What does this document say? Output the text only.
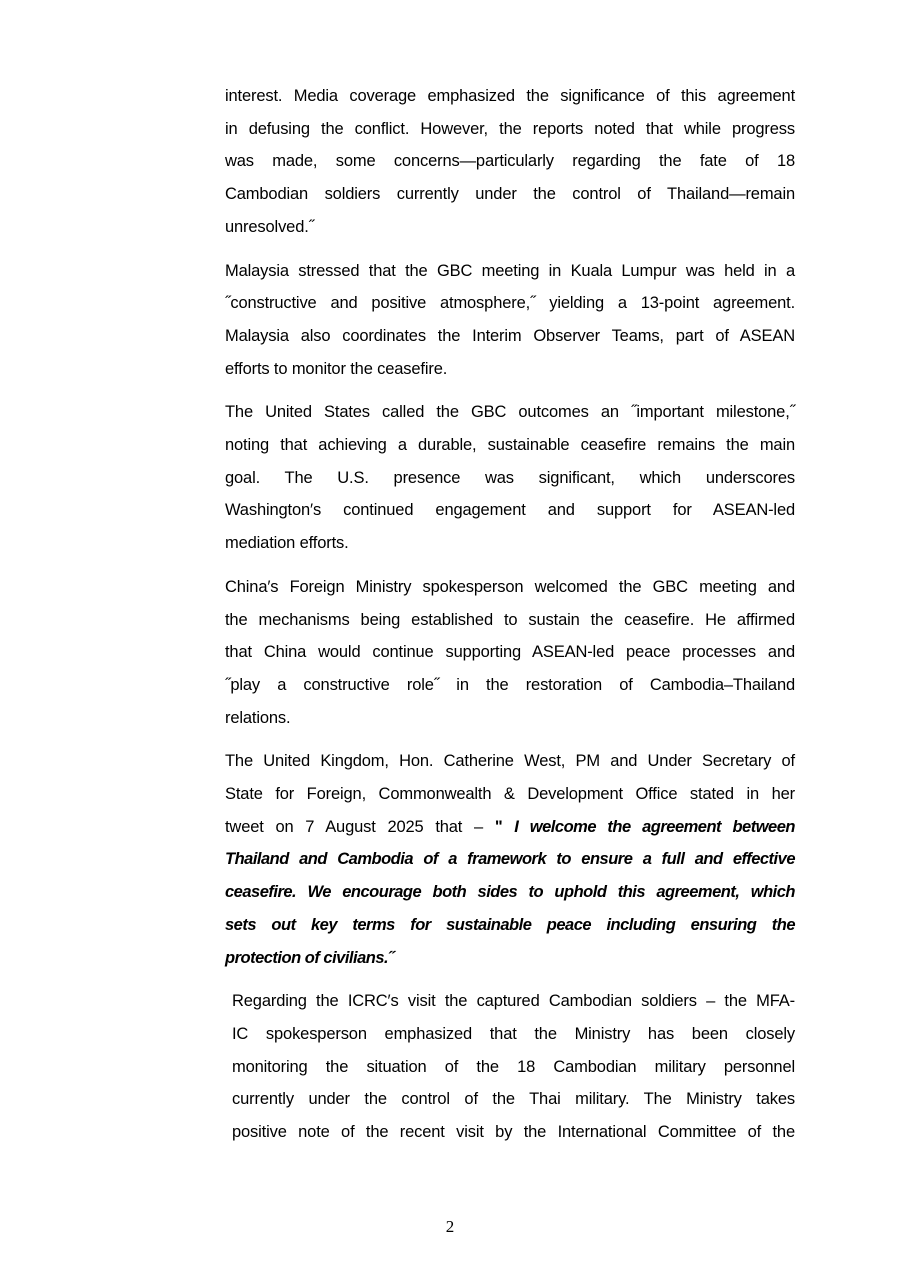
interest. Media coverage emphasized the significance of this agreement
in defusing the conflict. However, the reports noted that while progress
was made, some concerns—particularly regarding the fate of 18
Cambodian soldiers currently under the control of Thailand—remain
unresolved.˝
Malaysia stressed that the GBC meeting in Kuala Lumpur was held in a
˝constructive and positive atmosphere,˝ yielding a 13-point agreement.
Malaysia also coordinates the Interim Observer Teams, part of ASEAN
efforts to monitor the ceasefire.
The United States called the GBC outcomes an ˝important milestone,˝
noting that achieving a durable, sustainable ceasefire remains the main
goal. The U.S. presence was significant, which underscores
Washington′s continued engagement and support for ASEAN-led
mediation efforts.
China′s Foreign Ministry spokesperson welcomed the GBC meeting and
the mechanisms being established to sustain the ceasefire. He affirmed
that China would continue supporting ASEAN-led peace processes and
˝play a constructive role˝ in the restoration of Cambodia–Thailand
relations.
The United Kingdom, Hon. Catherine West, PM and Under Secretary of
State for Foreign, Commonwealth & Development Office stated in her
tweet on 7 August 2025 that – " I welcome the agreement between
Thailand and Cambodia of a framework to ensure a full and effective
ceasefire. We encourage both sides to uphold this agreement, which
sets out key terms for sustainable peace including ensuring the
protection of civilians.˝
Regarding the ICRC′s visit the captured Cambodian soldiers – the MFA-
IC spokesperson emphasized that the Ministry has been closely
monitoring the situation of the 18 Cambodian military personnel
currently under the control of the Thai military. The Ministry takes
positive note of the recent visit by the International Committee of the
2
